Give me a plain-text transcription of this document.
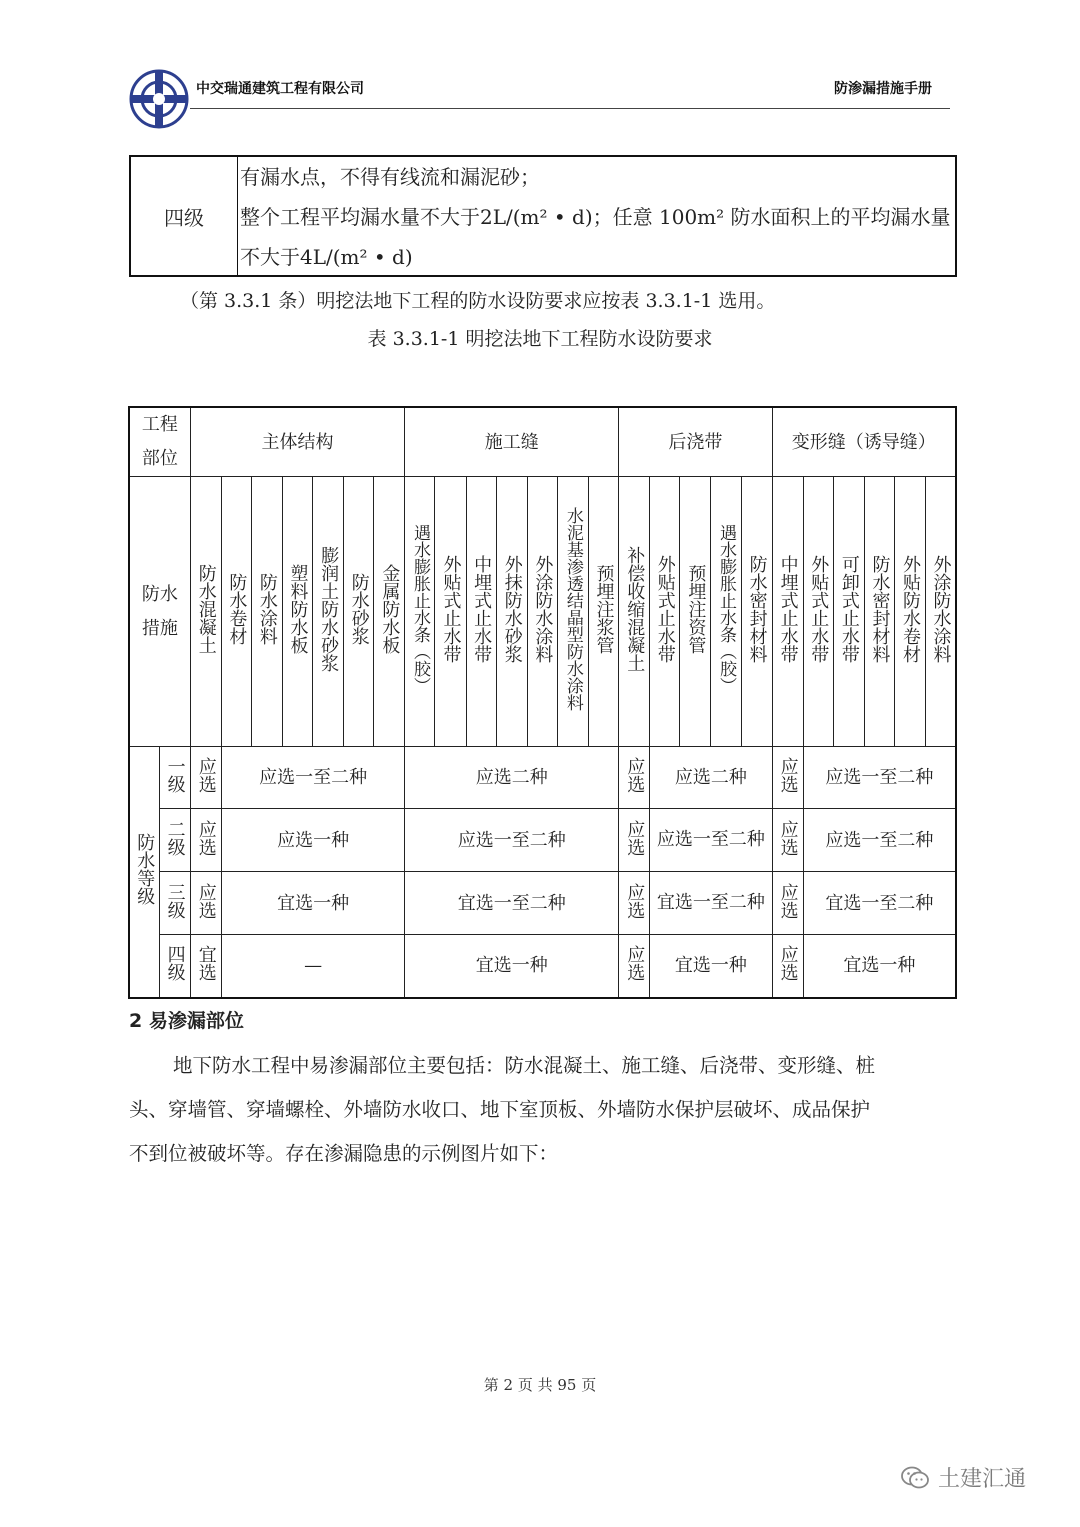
中交瑞通建筑工程有限公司	防渗漏措施手册
四级
有漏水点，不得有线流和漏泥砂；
整个工程平均漏水量不大于2L/(m² • d)；任意 100m² 防水面积上的平均漏水量
不大于4L/(m² • d)
（第 3.3.1 条）明挖法地下工程的防水设防要求应按表 3.3.1-1 选用。
表 3.3.1-1 明挖法地下工程防水设防要求
工程部位		主体结构							施工缝							后浇带					变形缝（诱导缝）					
防水措施		防水混凝土	防水卷材	防水涂料	塑料防水板	膨润土防水砂浆	防水砂浆	金属防水板	遇水膨胀止水条（胶）	外贴式止水带	中埋式止水带	外抹防水砂浆	外涂防水涂料	水泥基渗透结晶型防水涂料	预埋注浆管	补偿收缩混凝土	外贴式止水带	预埋注资管	遇水膨胀止水条（胶）	防水密封材料	中埋式止水带	外贴式止水带	可卸式止水带	防水密封材料	外贴防水卷材	外涂防水涂料
防水等级	一级	应选	应选一至二种						应选二种							应选	应选二种				应选	应选一至二种				
	二级	应选	应选一种						应选一至二种							应选	应选一至二种				应选	应选一至二种				
	三级	应选	宜选一种						宜选一至二种							应选	宜选一至二种				应选	宜选一至二种				
	四级	宜选	—						宜选一种							应选	宜选一种				应选	宜选一种				
2 易渗漏部位
地下防水工程中易渗漏部位主要包括：防水混凝土、施工缝、后浇带、变形缝、桩
头、穿墙管、穿墙螺栓、外墙防水收口、地下室顶板、外墙防水保护层破坏、成品保护
不到位被破坏等。存在渗漏隐患的示例图片如下：
第 2 页 共 95 页
土建汇通
